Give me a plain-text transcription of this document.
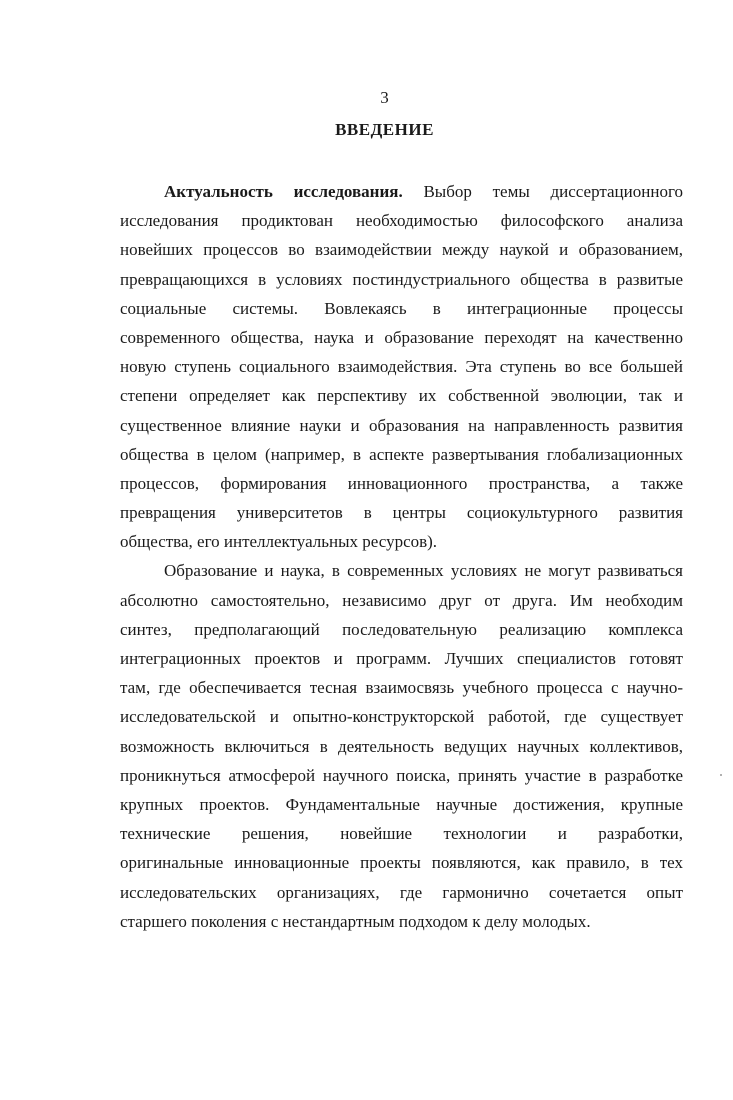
3
ВВЕДЕНИЕ
Актуальность исследования. Выбор темы диссертационного
исследования продиктован необходимостью философского анализа
новейших процессов во взаимодействии между наукой и образованием,
превращающихся в условиях постиндустриального общества в развитые
социальные системы. Вовлекаясь в интеграционные процессы
современного общества, наука и образование переходят на качественно
новую ступень социального взаимодействия. Эта ступень во все большей
степени определяет как перспективу их собственной эволюции, так и
существенное влияние науки и образования на направленность развития
общества в целом (например, в аспекте развертывания глобализационных
процессов, формирования инновационного пространства, а также
превращения университетов в центры социокультурного развития
общества, его интеллектуальных ресурсов).
Образование и наука, в современных условиях не могут развиваться
абсолютно самостоятельно, независимо друг от друга. Им необходим
синтез, предполагающий последовательную реализацию комплекса
интеграционных проектов и программ. Лучших специалистов готовят
там, где обеспечивается тесная взаимосвязь учебного процесса с научно-
исследовательской и опытно-конструкторской работой, где существует
возможность включиться в деятельность ведущих научных коллективов,
проникнуться атмосферой научного поиска, принять участие в разработке
крупных проектов. Фундаментальные научные достижения, крупные
технические решения, новейшие технологии и разработки,
оригинальные инновационные проекты появляются, как правило, в тех
исследовательских организациях, где гармонично сочетается опыт
старшего поколения с нестандартным подходом к делу молодых.
